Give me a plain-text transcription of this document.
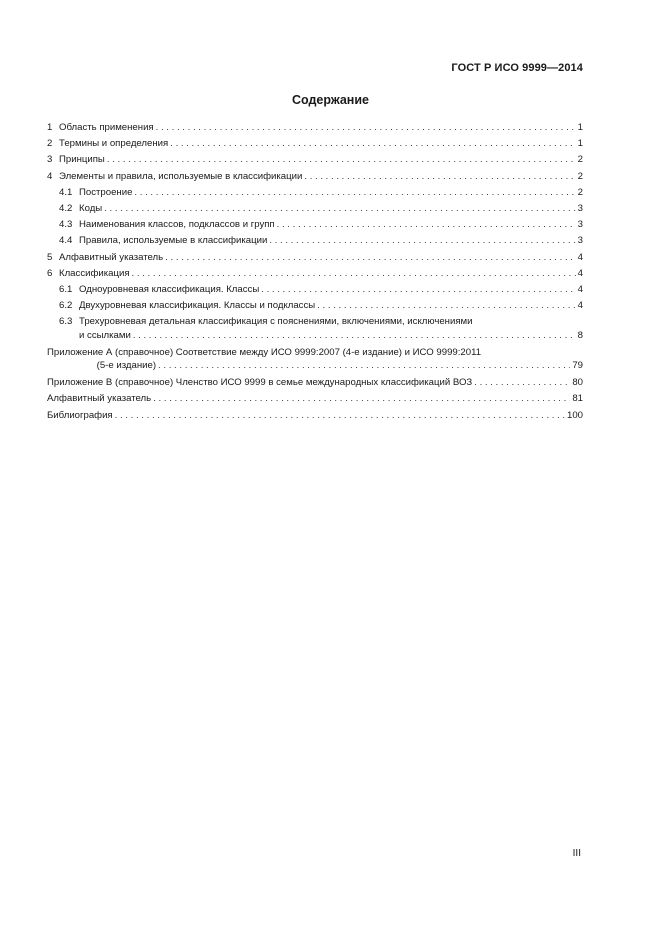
ГОСТ Р ИСО 9999—2014
Содержание
1 Область применения . . .	1
2 Термины и определения . . .	1
3 Принципы . . .	2
4 Элементы и правила, используемые в классификации . . .	2
4.1 Построение . . .	2
4.2 Коды . . .	3
4.3 Наименования классов, подклассов и групп . . .	3
4.4 Правила, используемые в классификации . . .	3
5 Алфавитный указатель . . .	4
6 Классификация . . .	4
6.1 Одноуровневая классификация. Классы . . .	4
6.2 Двухуровневая классификация. Классы и подклассы . . .	4
6.3 Трехуровневая детальная классификация с пояснениями, включениями, исключениями
и ссылками . . .	8
Приложение А (справочное) Соответствие между ИСО 9999:2007 (4-е издание) и ИСО 9999:2011
(5-е издание) . . .	79
Приложение В (справочное) Членство ИСО 9999 в семье международных классификаций ВОЗ . . .	80
Алфавитный указатель . . .	81
Библиография . . .	100
III
